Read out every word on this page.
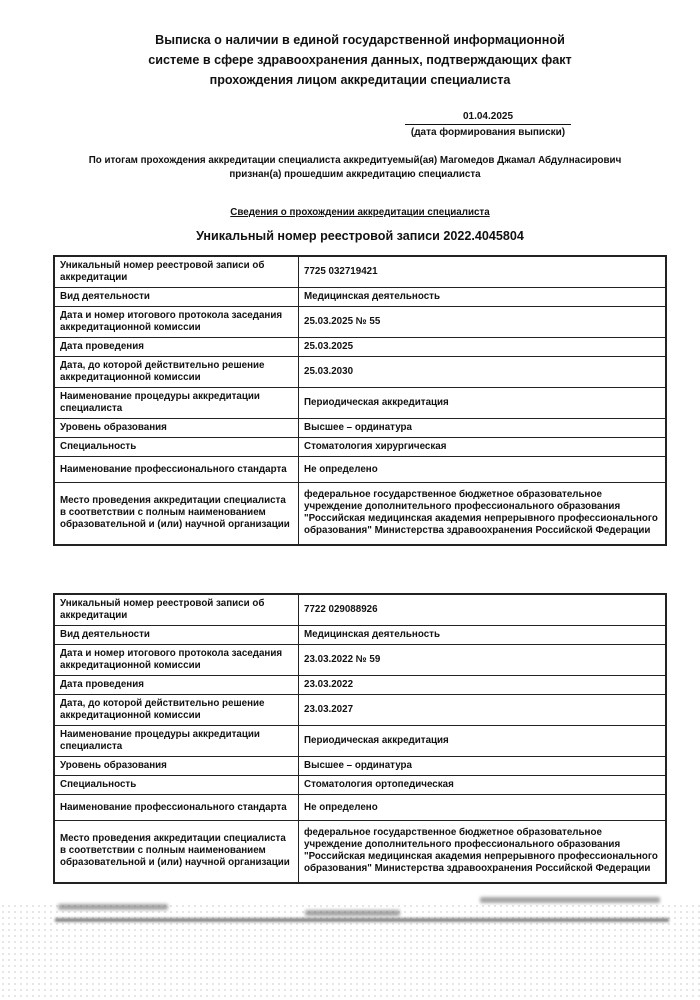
Выписка о наличии в единой государственной информационной
системе в сфере здравоохранения данных, подтверждающих факт
прохождения лицом аккредитации специалиста
01.04.2025
(дата формирования выписки)
По итогам прохождения аккредитации специалиста аккредитуемый(ая) Магомедов Джамал Абдулнасирович
признан(а) прошедшим аккредитацию специалиста
Сведения о прохождении аккредитации специалиста
Уникальный номер реестровой записи 2022.4045804
Уникальный номер реестровой записи об аккредитации	7725 032719421
Вид деятельности	Медицинская деятельность
Дата и номер итогового протокола заседания аккредитационной комиссии	25.03.2025 № 55
Дата проведения	25.03.2025
Дата, до которой действительно решение аккредитационной комиссии	25.03.2030
Наименование процедуры аккредитации специалиста	Периодическая аккредитация
Уровень образования	Высшее – ординатура
Специальность	Стоматология хирургическая
Наименование профессионального стандарта	Не определено
Место проведения аккредитации специалиста в соответствии с полным наименованием образовательной и (или) научной организации	федеральное государственное бюджетное образовательное учреждение дополнительного профессионального образования "Российская медицинская академия непрерывного профессионального образования" Министерства здравоохранения Российской Федерации
Уникальный номер реестровой записи об аккредитации	7722 029088926
Вид деятельности	Медицинская деятельность
Дата и номер итогового протокола заседания аккредитационной комиссии	23.03.2022 № 59
Дата проведения	23.03.2022
Дата, до которой действительно решение аккредитационной комиссии	23.03.2027
Наименование процедуры аккредитации специалиста	Периодическая аккредитация
Уровень образования	Высшее – ординатура
Специальность	Стоматология ортопедическая
Наименование профессионального стандарта	Не определено
Место проведения аккредитации специалиста в соответствии с полным наименованием образовательной и (или) научной организации	федеральное государственное бюджетное образовательное учреждение дополнительного профессионального образования "Российская медицинская академия непрерывного профессионального образования" Министерства здравоохранения Российской Федерации
